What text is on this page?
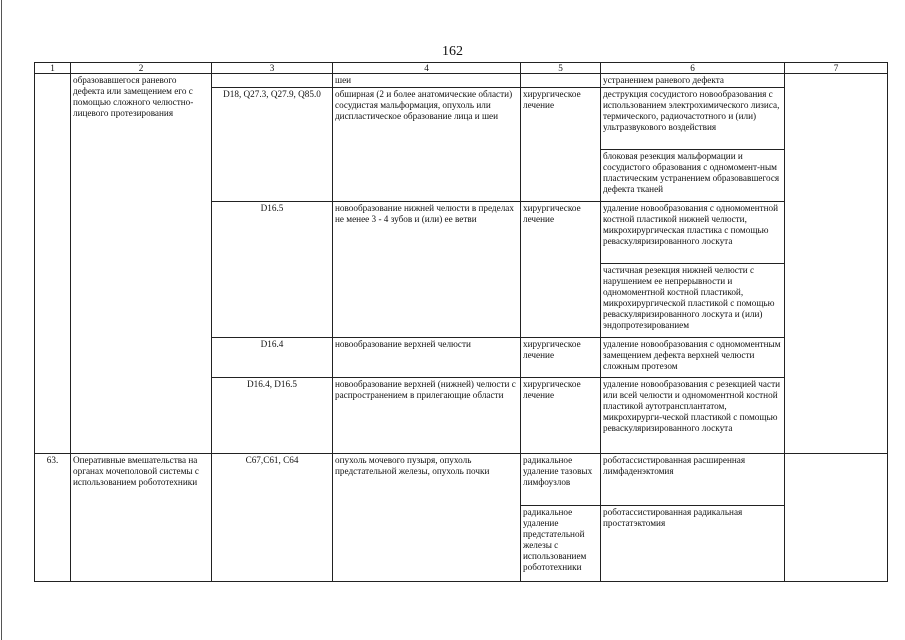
162
1	2	3	4	5	6	7
	образовавшегося раневого дефекта или замещением его с помощью сложного челюстно-лицевого протезирования		шеи		устранением раневого дефекта	
		D18, Q27.3, Q27.9, Q85.0	обширная (2 и более анатомические области) сосудистая мальформация, опухоль или диспластическое образование лица и шеи	хирургическое лечение	деструкция сосудистого новообразования с использованием электрохимического лизиса, термического, радиочастотного и (или) ультразвукового воздействия	
					блоковая резекция мальформации и сосудистого образования с одномомент-ным пластическим устранением образовавшегося дефекта тканей	
		D16.5	новообразование нижней челюсти в пределах не менее 3 - 4 зубов и (или) ее ветви	хирургическое лечение	удаление новообразования с одномоментной костной пластикой нижней челюсти, микрохирургическая пластика с помощью реваскуляризированного лоскута	
					частичная резекция нижней челюсти с нарушением ее непрерывности и одномоментной костной пластикой, микрохирургической пластикой с помощью реваскуляризированного лоскута и (или) эндопротезированием	
		D16.4	новообразование верхней челюсти	хирургическое лечение	удаление новообразования с одномоментным замещением дефекта верхней челюсти сложным протезом	
		D16.4, D16.5	новообразование верхней (нижней) челюсти с распространением в прилегающие области	хирургическое лечение	удаление новообразования с резекцией части или всей челюсти и одномоментной костной пластикой аутотрансплантатом, микрохирурги-ческой пластикой с помощью реваскуляризированного лоскута	
63.	Оперативные вмешательства на органах мочеполовой системы с использованием робототехники	C67,C61, C64	опухоль мочевого пузыря, опухоль предстательной железы, опухоль почки	радикальное удаление тазовых лимфоузлов	роботассистированная расширенная лимфаденэктомия	
				радикальное удаление предстательной железы с использованием робототехники	роботассистированная радикальная простатэктомия	
